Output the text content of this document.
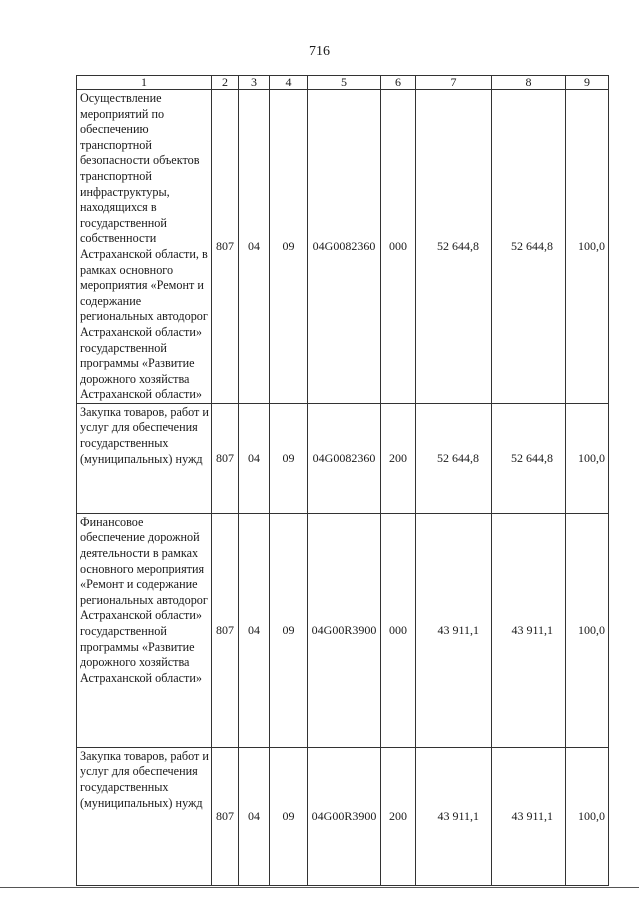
716
1	2	3	4	5	6	7	8	9
Осуществление мероприятий по обеспечению транспортной безопасности объектов транспортной инфраструктуры, находящихся в государственной собственности Астраханской области, в рамках основного мероприятия «Ремонт и содержание региональных автодорог Астраханской области» государственной программы «Развитие дорожного хозяйства Астраханской области»	807	04	09	04G0082360	000	52 644,8	52 644,8	100,0
Закупка товаров, работ и услуг для обеспечения государственных (муниципальных) нужд	807	04	09	04G0082360	200	52 644,8	52 644,8	100,0
Финансовое обеспечение дорожной деятельности в рамках основного мероприятия «Ремонт и содержание региональных автодорог Астраханской области» государственной программы «Развитие дорожного хозяйства Астраханской области»	807	04	09	04G00R3900	000	43 911,1	43 911,1	100,0
Закупка товаров, работ и услуг для обеспечения государственных (муниципальных) нужд	807	04	09	04G00R3900	200	43 911,1	43 911,1	100,0
